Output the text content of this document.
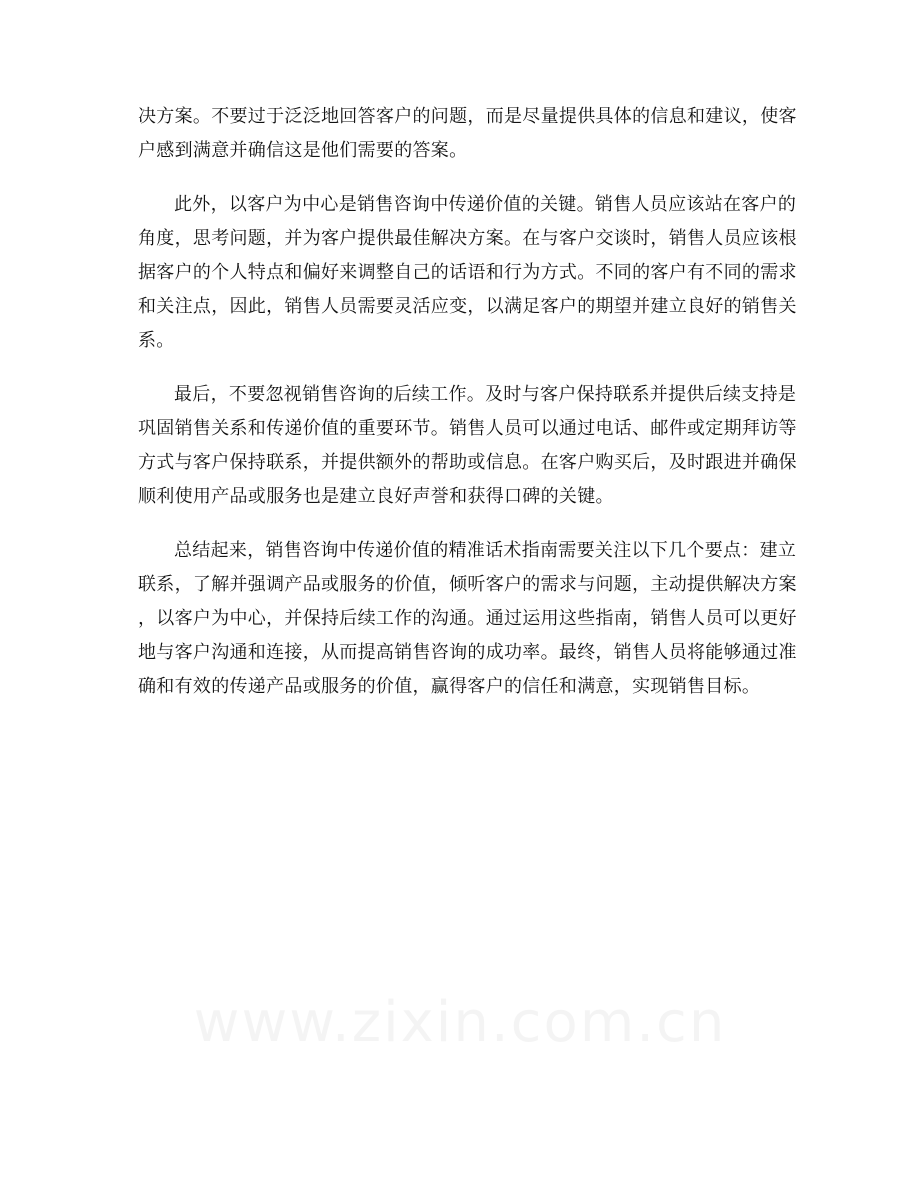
决方案。不要过于泛泛地回答客户的问题，而是尽量提供具体的信息和建议，使客
户感到满意并确信这是他们需要的答案。

此外，以客户为中心是销售咨询中传递价值的关键。销售人员应该站在客户的
角度，思考问题，并为客户提供最佳解决方案。在与客户交谈时，销售人员应该根
据客户的个人特点和偏好来调整自己的话语和行为方式。不同的客户有不同的需求
和关注点，因此，销售人员需要灵活应变，以满足客户的期望并建立良好的销售关
系。

最后，不要忽视销售咨询的后续工作。及时与客户保持联系并提供后续支持是
巩固销售关系和传递价值的重要环节。销售人员可以通过电话、邮件或定期拜访等
方式与客户保持联系，并提供额外的帮助或信息。在客户购买后，及时跟进并确保
顺利使用产品或服务也是建立良好声誉和获得口碑的关键。

总结起来，销售咨询中传递价值的精准话术指南需要关注以下几个要点：建立
联系，了解并强调产品或服务的价值，倾听客户的需求与问题，主动提供解决方案
，以客户为中心，并保持后续工作的沟通。通过运用这些指南，销售人员可以更好
地与客户沟通和连接，从而提高销售咨询的成功率。最终，销售人员将能够通过准
确和有效的传递产品或服务的价值，赢得客户的信任和满意，实现销售目标。
